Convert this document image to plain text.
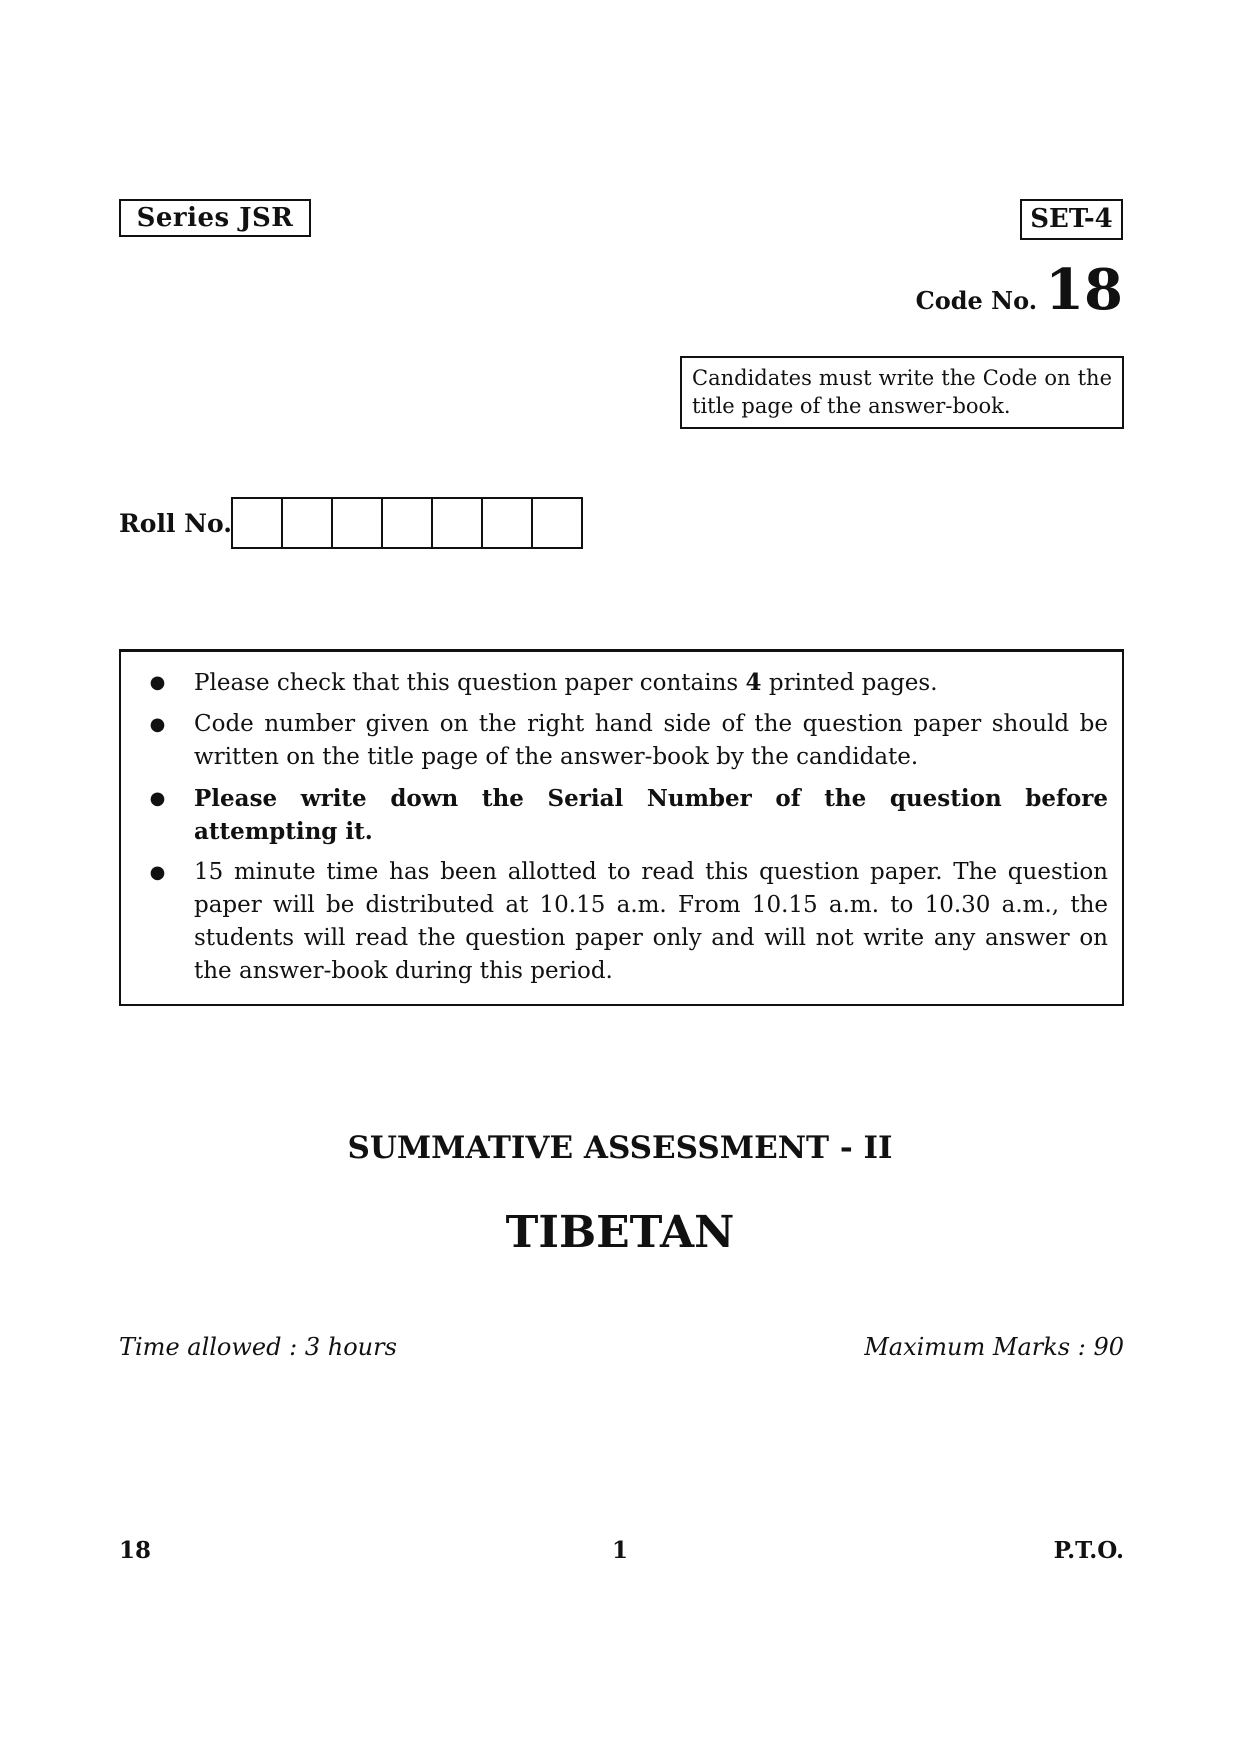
Series JSR	SET-4
Code No. 18
Candidates must write the Code on the title page of the answer-book.
Roll No.
●	Please check that this question paper contains 4 printed pages.
●	Code number given on the right hand side of the question paper should be written on the title page of the answer-book by the candidate.
●	Please write down the Serial Number of the question before attempting it.
●	15 minute time has been allotted to read this question paper. The question paper will be distributed at 10.15 a.m. From 10.15 a.m. to 10.30 a.m., the students will read the question paper only and will not write any answer on the answer-book during this period.
SUMMATIVE ASSESSMENT - II
TIBETAN
Time allowed : 3 hours	Maximum Marks : 90
18	1	P.T.O.
